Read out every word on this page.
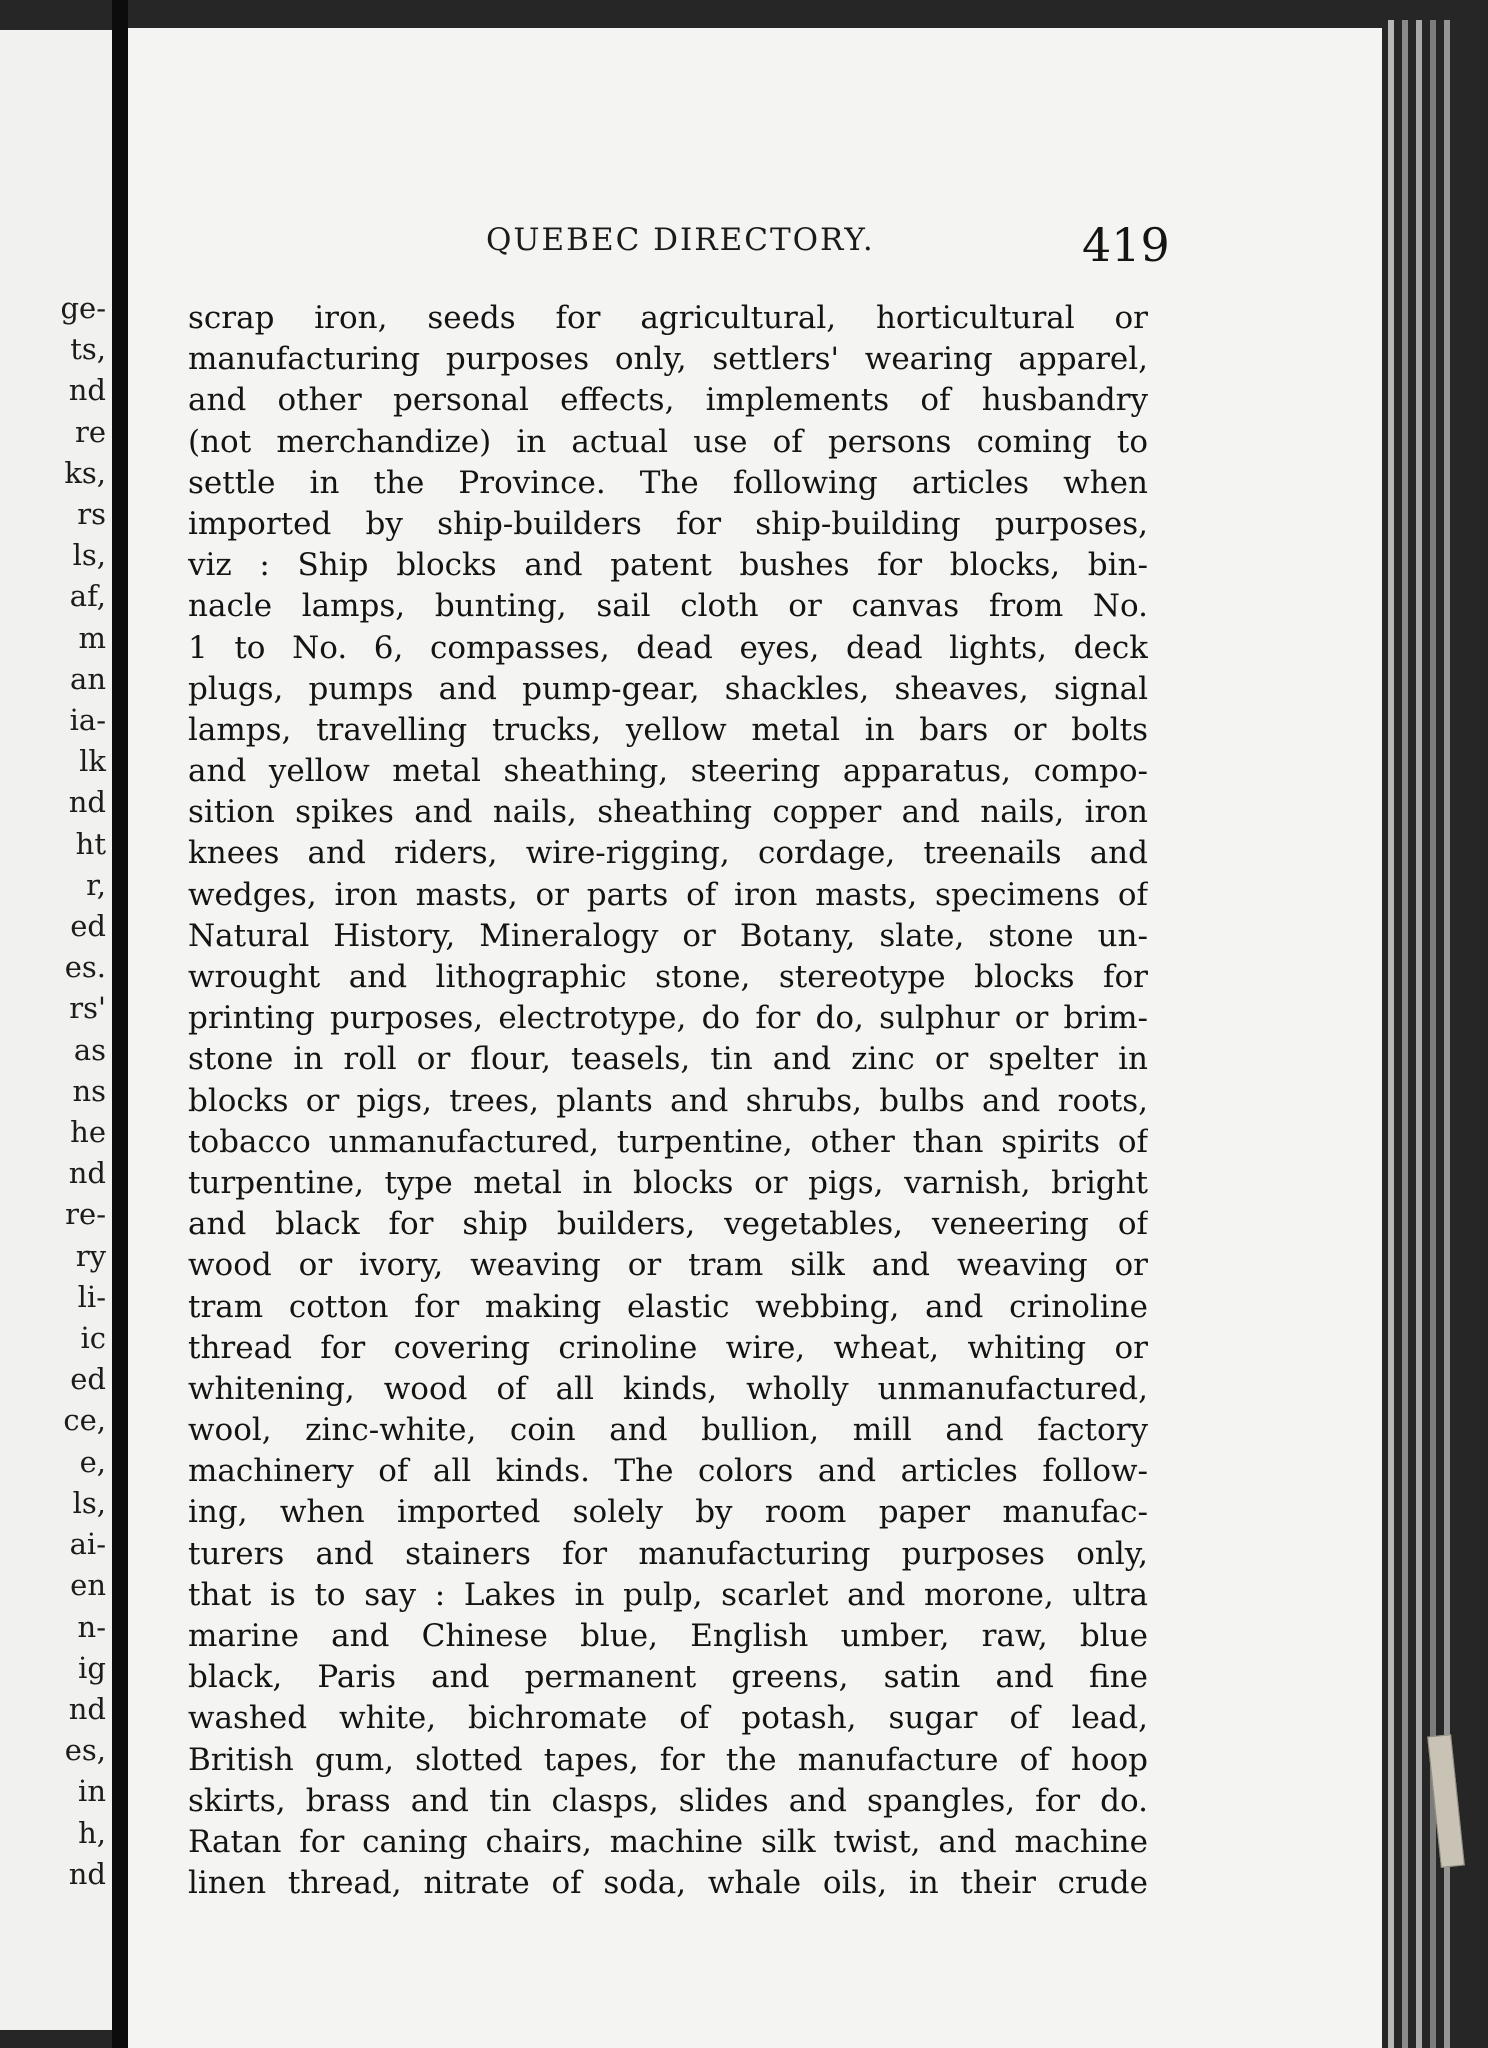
ge-
ts,
nd
re
ks,
rs
ls,
af,
m
an
ia-
lk
nd
ht
r,
ed
es.
rs'
as
ns
he
nd
re-
ry
li-
ic
ed
ce,
e,
ls,
ai-
en
n-
ig
nd
es,
in
h,
nd
QUEBEC DIRECTORY.	419
scrap iron, seeds for agricultural, horticultural or
manufacturing purposes only, settlers' wearing apparel,
and other personal effects, implements of husbandry
(not merchandize) in actual use of persons coming to
settle in the Province. The following articles when
imported by ship-builders for ship-building purposes,
viz : Ship blocks and patent bushes for blocks, bin-
nacle lamps, bunting, sail cloth or canvas from No.
1 to No. 6, compasses, dead eyes, dead lights, deck
plugs, pumps and pump-gear, shackles, sheaves, signal
lamps, travelling trucks, yellow metal in bars or bolts
and yellow metal sheathing, steering apparatus, compo-
sition spikes and nails, sheathing copper and nails, iron
knees and riders, wire-rigging, cordage, treenails and
wedges, iron masts, or parts of iron masts, specimens of
Natural History, Mineralogy or Botany, slate, stone un-
wrought and lithographic stone, stereotype blocks for
printing purposes, electrotype, do for do, sulphur or brim-
stone in roll or flour, teasels, tin and zinc or spelter in
blocks or pigs, trees, plants and shrubs, bulbs and roots,
tobacco unmanufactured, turpentine, other than spirits of
turpentine, type metal in blocks or pigs, varnish, bright
and black for ship builders, vegetables, veneering of
wood or ivory, weaving or tram silk and weaving or
tram cotton for making elastic webbing, and crinoline
thread for covering crinoline wire, wheat, whiting or
whitening, wood of all kinds, wholly unmanufactured,
wool, zinc-white, coin and bullion, mill and factory
machinery of all kinds. The colors and articles follow-
ing, when imported solely by room paper manufac-
turers and stainers for manufacturing purposes only,
that is to say : Lakes in pulp, scarlet and morone, ultra
marine and Chinese blue, English umber, raw, blue
black, Paris and permanent greens, satin and fine
washed white, bichromate of potash, sugar of lead,
British gum, slotted tapes, for the manufacture of hoop
skirts, brass and tin clasps, slides and spangles, for do.
Ratan for caning chairs, machine silk twist, and machine
linen thread, nitrate of soda, whale oils, in their crude
